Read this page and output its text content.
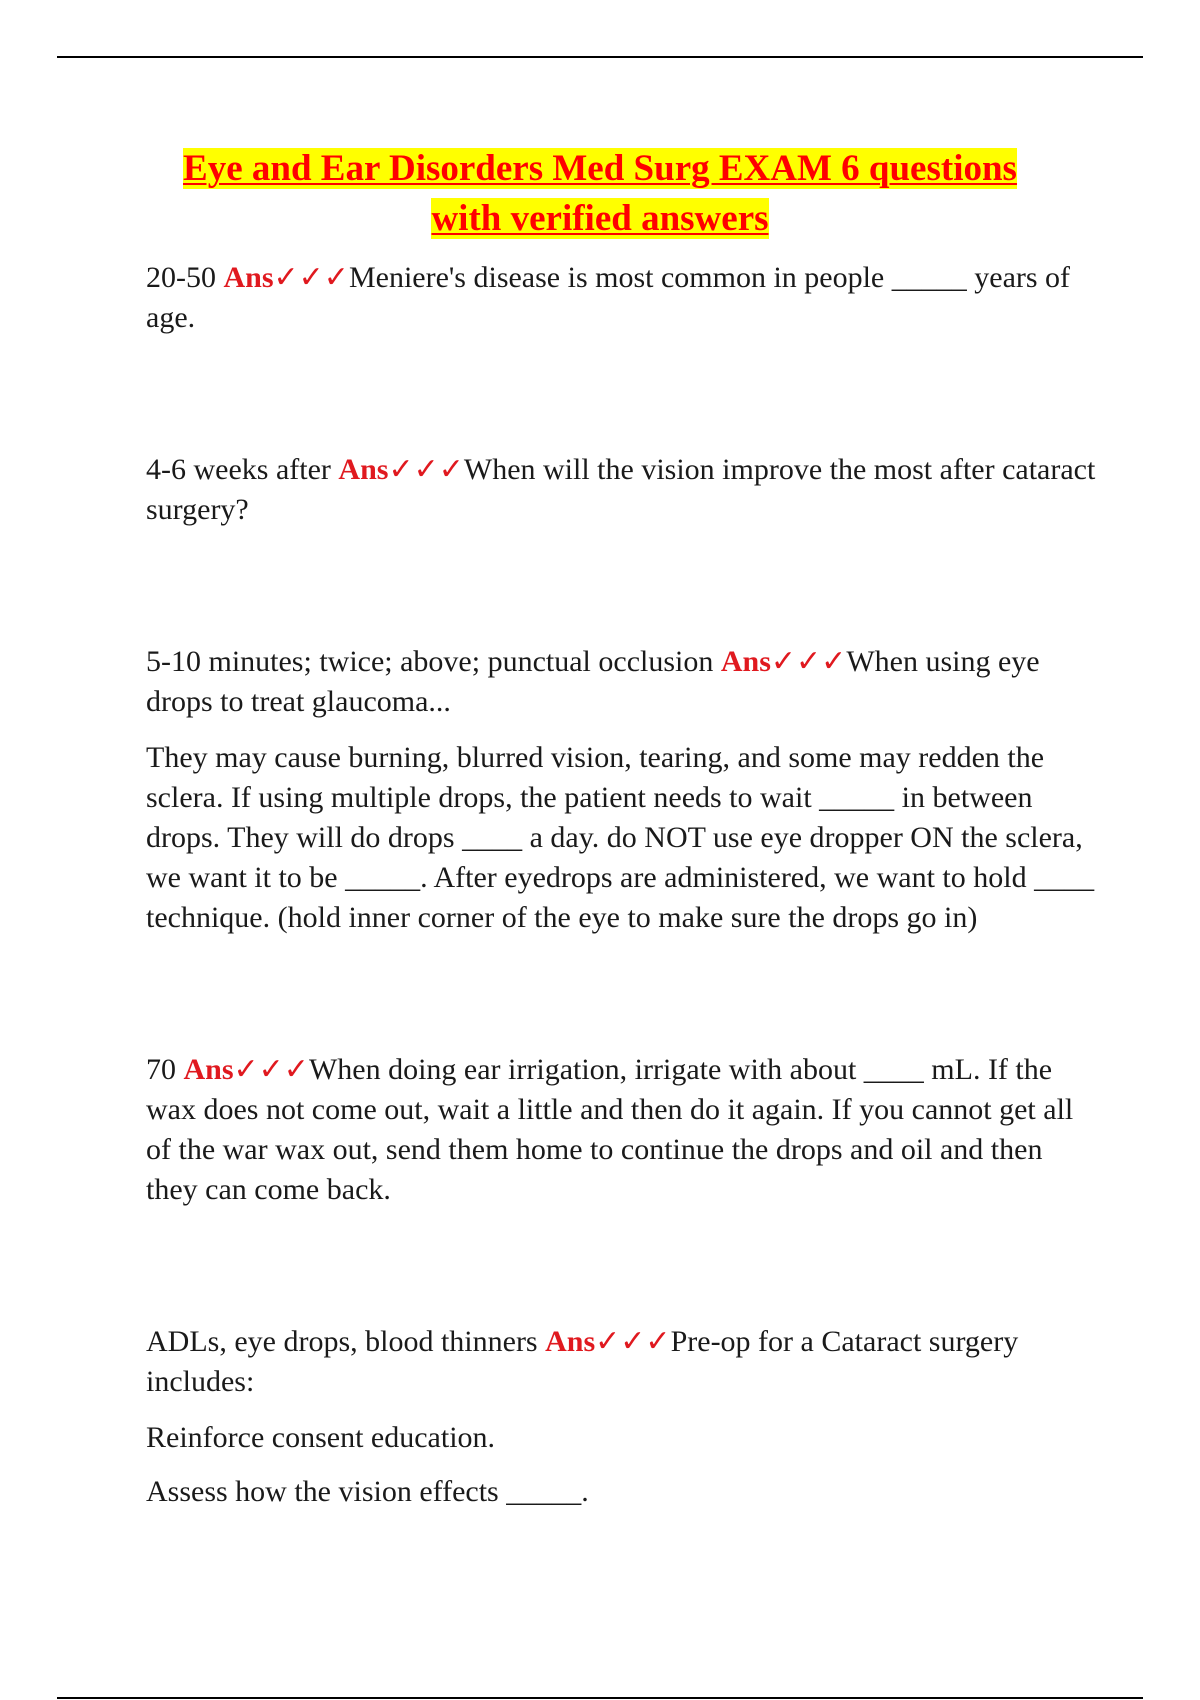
Eye and Ear Disorders Med Surg EXAM 6 questions
with verified answers

20-50 Ans✓✓✓Meniere's disease is most common in people _____ years of age.

4-6 weeks after Ans✓✓✓When will the vision improve the most after cataract surgery?

5-10 minutes; twice; above; punctual occlusion Ans✓✓✓When using eye drops to treat glaucoma...

They may cause burning, blurred vision, tearing, and some may redden the sclera. If using multiple drops, the patient needs to wait _____ in between drops. They will do drops ____ a day. do NOT use eye dropper ON the sclera, we want it to be _____. After eyedrops are administered, we want to hold ____ technique. (hold inner corner of the eye to make sure the drops go in)

70 Ans✓✓✓When doing ear irrigation, irrigate with about ____ mL. If the wax does not come out, wait a little and then do it again. If you cannot get all of the war wax out, send them home to continue the drops and oil and then they can come back.

ADLs, eye drops, blood thinners Ans✓✓✓Pre-op for a Cataract surgery includes:

Reinforce consent education.

Assess how the vision effects _____.
